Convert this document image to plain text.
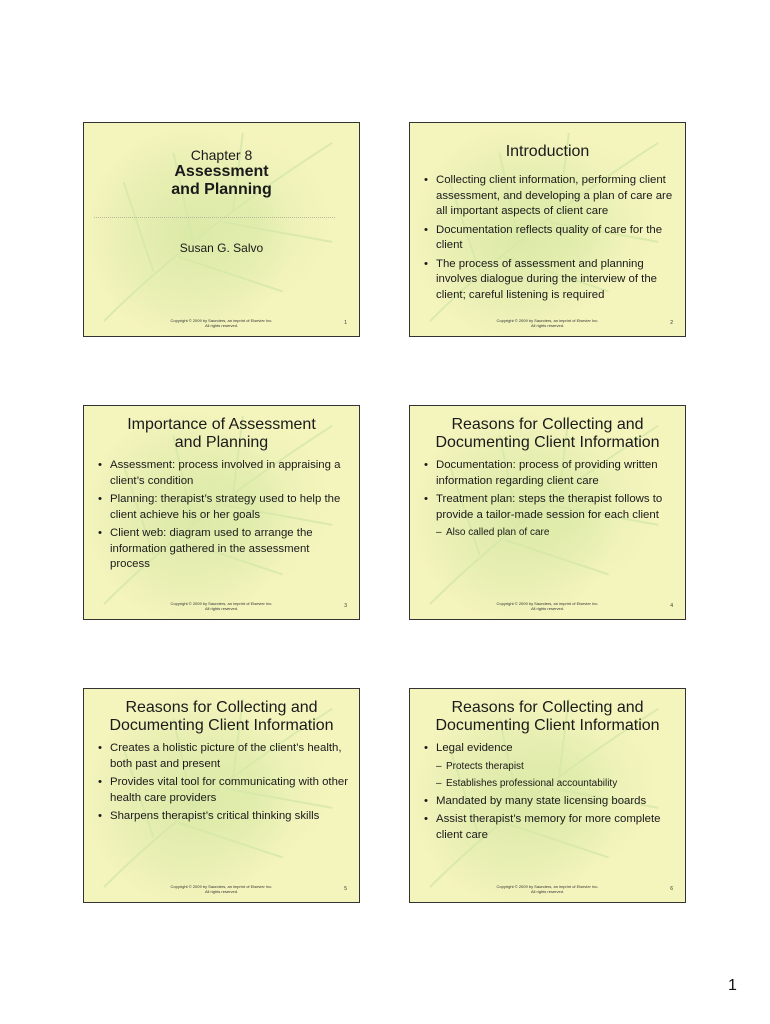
Chapter 8
Assessment
and Planning
Susan G. Salvo
Copyright © 2009 by Saunders, an imprint of Elsevier Inc.
All rights reserved.	1
Introduction
• Collecting client information, performing client assessment, and developing a plan of care are all important aspects of client care
• Documentation reflects quality of care for the client
• The process of assessment and planning involves dialogue during the interview of the client; careful listening is required
Copyright © 2009 by Saunders, an imprint of Elsevier Inc.
All rights reserved.	2
Importance of Assessment
and Planning
• Assessment: process involved in appraising a client’s condition
• Planning: therapist’s strategy used to help the client achieve his or her goals
• Client web: diagram used to arrange the information gathered in the assessment process
Copyright © 2009 by Saunders, an imprint of Elsevier Inc.
All rights reserved.	3
Reasons for Collecting and
Documenting Client Information
• Documentation: process of providing written information regarding client care
• Treatment plan: steps the therapist follows to provide a tailor-made session for each client
– Also called plan of care
Copyright © 2009 by Saunders, an imprint of Elsevier Inc.
All rights reserved.	4
Reasons for Collecting and
Documenting Client Information
• Creates a holistic picture of the client’s health, both past and present
• Provides vital tool for communicating with other health care providers
• Sharpens therapist’s critical thinking skills
Copyright © 2009 by Saunders, an imprint of Elsevier Inc.
All rights reserved.	5
Reasons for Collecting and
Documenting Client Information
• Legal evidence
– Protects therapist
– Establishes professional accountability
• Mandated by many state licensing boards
• Assist therapist’s memory for more complete client care
Copyright © 2009 by Saunders, an imprint of Elsevier Inc.
All rights reserved.	6
1
